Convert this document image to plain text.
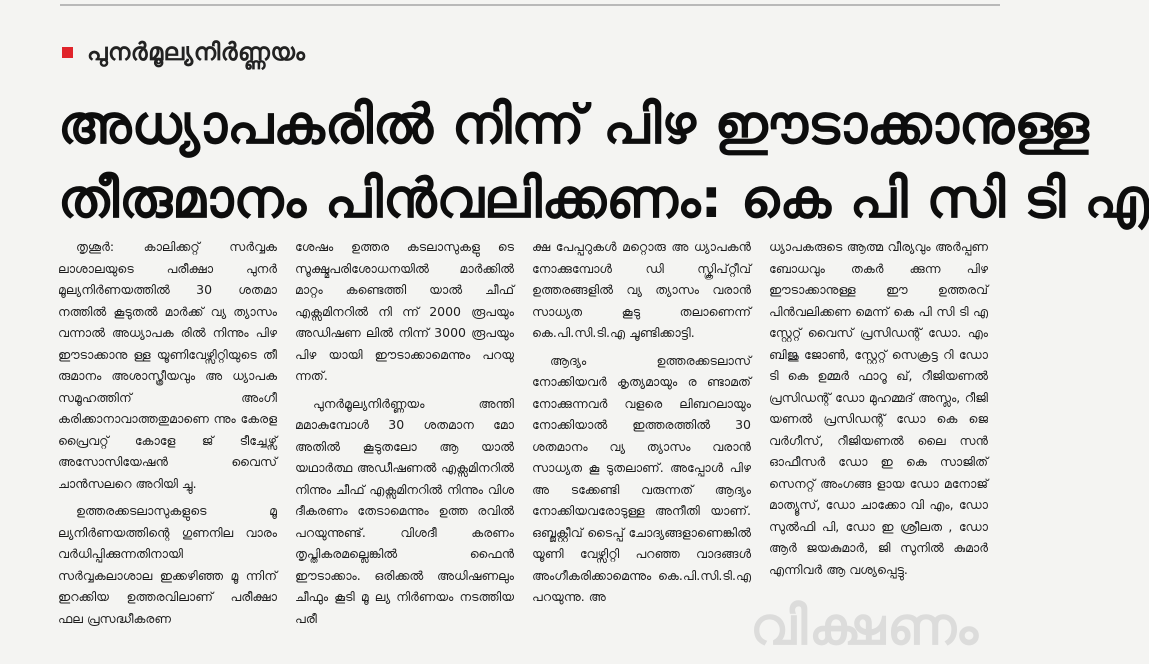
പുനർമൂല്യനിർണ്ണയം
അധ്യാപകരിൽ നിന്ന് പിഴ ഈടാക്കാനുള്ള
തീരുമാനം പിൻവലിക്കണം: കെ പി സി ടി എ

തൃശൂർ: കാലിക്കറ്റ് സർവ്വക ലാശാലയുടെ പരീക്ഷാ പുനർ മൂല്യനിർണയത്തിൽ 30 ശതമാ നത്തിൽ കൂടുതൽ മാർക്ക് വ്യ ത്യാസം വന്നാൽ അധ്യാപക രിൽ നിന്നും പിഴ ഈടാക്കാനു ള്ള യൂണിവേഴ്സിറ്റിയുടെ തീ രുമാനം അശാസ്ത്രീയവും അ ധ്യാപക സമൂഹത്തിന് അംഗീ കരിക്കാനാവാത്തതുമാണെ ന്നും കേരള പ്രൈവറ്റ് കോളേ ജ് ടീച്ചേഴ്സ് അസോസിയേഷൻ വൈസ് ചാൻസലറെ അറിയി ച്ചു.

ഉത്തരക്കടലാസുകളുടെ മൂ ല്യനിർണയത്തിന്റെ ഗുണനില വാരം വർധിപ്പിക്കുന്നതിനായി സർവ്വകലാശാല ഇക്കഴിഞ്ഞ മൂ ന്നിന് ഇറക്കിയ ഉത്തരവിലാണ് പരീക്ഷാ ഫല പ്രസദ്ധീകരണ

ശേഷം ഉത്തര കടലാസുകളു ടെ സൂക്ഷ്മപരിശോധനയിൽ മാർക്കിൽ മാറ്റം കണ്ടെത്തി യാൽ ചീഫ് എക്സമിനറിൽ നി ന്ന് 2000 രൂപയും അഡിഷണ ലിൽ നിന്ന് 3000 രൂപയും പിഴ യായി ഈടാക്കാമെന്നും പറയു ന്നത്.

പുനർമൂല്യനിർണ്ണയം അന്തി മമാകുമ്പോൾ 30 ശതമാന മോ അതിൽ കൂടുതലോ ആ യാൽ യഥാർത്ഥ അഡീഷണൽ എക്സമിനറിൽ നിന്നും ചീഫ് എക്സമിനറിൽ നിന്നും വിശ ദീകരണം തേടാമെന്നും ഉത്ത രവിൽ പറയുന്നുണ്ട്. വിശദീ കരണം തൃപ്തികരമല്ലെങ്കിൽ ഫൈൻ ഈടാക്കാം. ഒരിക്കൽ അധിഷണലും ചീഫും കൂടി മൂ ല്യ നിർണയം നടത്തിയ പരീ

ക്ഷ പേപ്പറുകൾ മറ്റൊരു അ ധ്യാപകൻ നോക്കുമ്പോൾ ഡി സ്ക്രിപ്റ്റീവ് ഉത്തരങ്ങളിൽ വ്യ ത്യാസം വരാൻ സാധ്യത കൂടു തലാണെന്ന് കെ.പി.സി.ടി.എ ചൂണ്ടിക്കാട്ടി.

ആദ്യം ഉത്തരക്കടലാസ് നോക്കിയവർ കൃത്യമായും ര ണ്ടാമത് നോക്കുന്നവർ വളരെ ലിബറലായും നോക്കിയാൽ ഇത്തരത്തിൽ 30 ശതമാനം വ്യ ത്യാസം വരാൻ സാധ്യത കൂ ടുതലാണ്. അപ്പോൾ പിഴ അ ടക്കേണ്ടി വരുന്നത് ആദ്യം നോക്കിയവരോടുള്ള അനീതി യാണ്. ഒബ്ജക്റ്റീവ് ടൈപ്പ് ചോദ്യങ്ങളാണെങ്കിൽ യൂണി വേഴ്സിറ്റി പറഞ്ഞ വാദങ്ങൾ അംഗീകരിക്കാമെന്നും കെ.പി.സി.ടി.എ പറയുന്നു. അ

ധ്യാപകരുടെ ആത്മ വീര്യവും അർപ്പണ ബോധവും തകർ ക്കുന്ന പിഴ ഈടാക്കാനുള്ള ഈ ഉത്തരവ് പിൻവലിക്കണ മെന്ന് കെ പി സി ടി എ സ്റ്റേറ്റ് വൈസ് പ്രസിഡന്റ് ഡോ. എം ബിജു ജോൺ, സ്റ്റേറ്റ് സെക്രട്ട റി ഡോ ടി കെ ഉമ്മർ ഫാറൂ ഖ്, റീജിയണൽ പ്രസിഡന്റ് ഡോ മുഹമ്മദ് അസ്ലം, റീജി യണൽ പ്രസിഡന്റ് ഡോ കെ ജെ വർഗീസ്, റീജിയണൽ ലൈ സൻ ഓഫീസർ ഡോ ഇ കെ സാജിത് സെനറ്റ് അംഗങ്ങ ളായ ഡോ മനോജ് മാത്യൂസ്, ഡോ ചാക്കോ വി എം, ഡോ സുൽഫി പി, ഡോ ഇ ശ്രീലത , ഡോ ആർ ജയകുമാർ, ജി സുനിൽ കുമാർ എന്നിവർ ആ വശ്യപ്പെട്ടു.

വിക്ഷണം
